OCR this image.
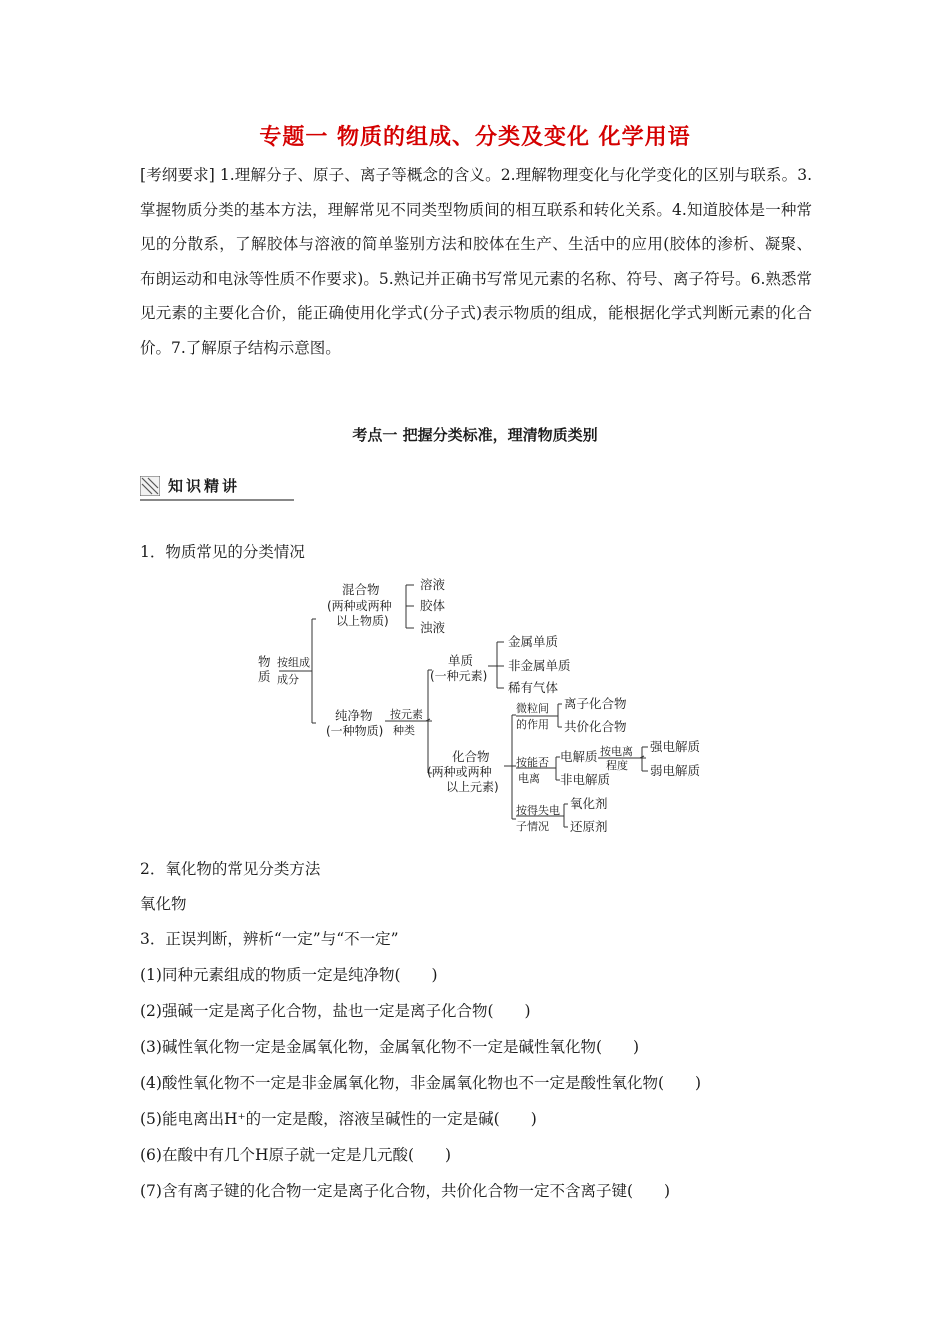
专题一 物质的组成、分类及变化 化学用语

[考纲要求] 1.理解分子、原子、离子等概念的含义。2.理解物理变化与化学变化的区别与联系。3.掌握物质分类的基本方法，理解常见不同类型物质间的相互联系和转化关系。4.知道胶体是一种常见的分散系，了解胶体与溶液的简单鉴别方法和胶体在生产、生活中的应用(胶体的渗析、凝聚、布朗运动和电泳等性质不作要求)。5.熟记并正确书写常见元素的名称、符号、离子符号。6.熟悉常见元素的主要化合价，能正确使用化学式(分子式)表示物质的组成，能根据化学式判断元素的化合价。7.了解原子结构示意图。

考点一 把握分类标准，理清物质类别
知识精讲

1．物质常见的分类情况

物
质
按组成
成分
混合物
(两种或两种
以上物质)
溶液
胶体
浊液
纯净物
(一种物质)
按元素
种类
单质
(一种元素)
金属单质
非金属单质
稀有气体
化合物
(两种或两种
以上元素)
微粒间
的作用
离子化合物
共价化合物
按能否
电离
电解质 按电离
程度
强电解质
弱电解质
非电解质
按得失电
子情况
氧化剂
还原剂

2．氧化物的常见分类方法

氧化物

3．正误判断，辨析“一定”与“不一定”

(1)同种元素组成的物质一定是纯净物(　　)

(2)强碱一定是离子化合物，盐也一定是离子化合物(　　)

(3)碱性氧化物一定是金属氧化物，金属氧化物不一定是碱性氧化物(　　)

(4)酸性氧化物不一定是非金属氧化物，非金属氧化物也不一定是酸性氧化物(　　)

(5)能电离出H⁺的一定是酸，溶液呈碱性的一定是碱(　　)

(6)在酸中有几个H原子就一定是几元酸(　　)

(7)含有离子键的化合物一定是离子化合物，共价化合物一定不含离子键(　　)
